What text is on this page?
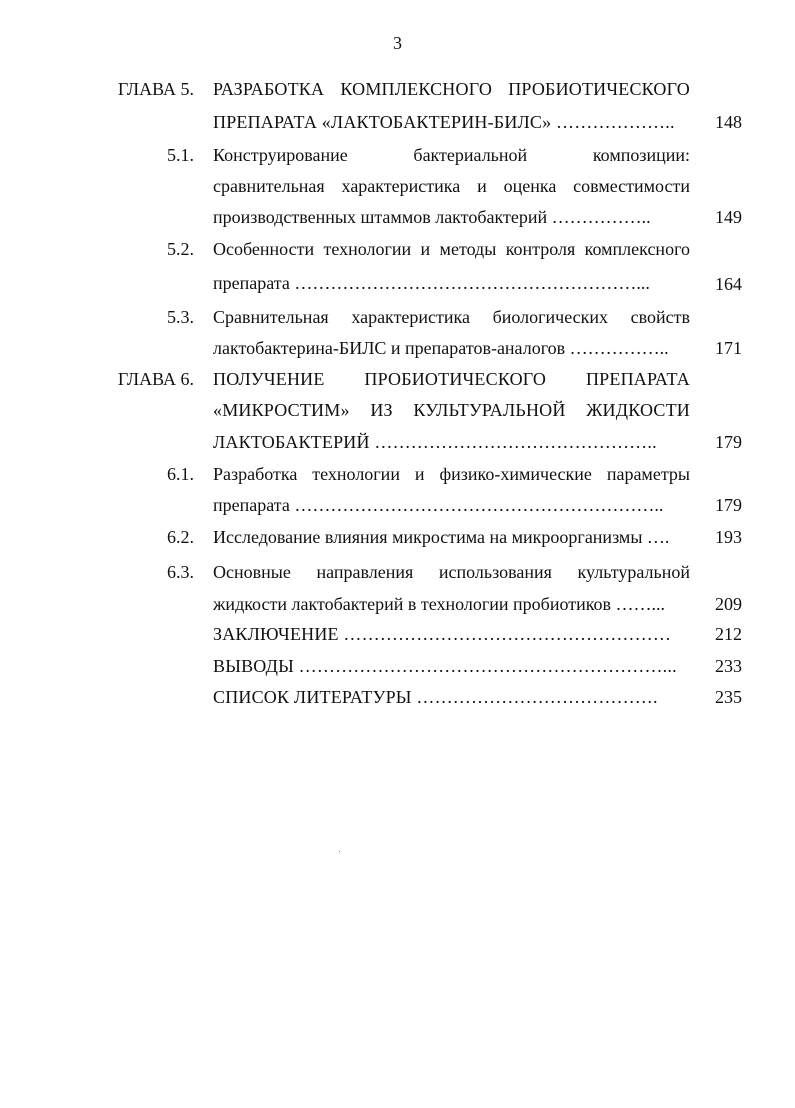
3
ГЛАВА 5. РАЗРАБОТКА КОМПЛЕКСНОГО ПРОБИОТИЧЕСКОГО
ПРЕПАРАТА «ЛАКТОБАКТЕРИН-БИЛС» ………………..	148
5.1. Конструирование бактериальной композиции:
сравнительная характеристика и оценка совместимости
производственных штаммов лактобактерий ……………..	149
5.2. Особенности технологии и методы контроля комплексного
препарата …………………………………………………...	164
5.3. Сравнительная характеристика биологических свойств
лактобактерина-БИЛС и препаратов-аналогов ……………..	171
ГЛАВА 6. ПОЛУЧЕНИЕ ПРОБИОТИЧЕСКОГО ПРЕПАРАТА
«МИКРОСТИМ» ИЗ КУЛЬТУРАЛЬНОЙ ЖИДКОСТИ
ЛАКТОБАКТЕРИЙ ………………………………………..	179
6.1. Разработка технологии и физико-химические параметры
препарата ……………………………………………………..	179
6.2. Исследование влияния микростима на микроорганизмы ….	193
6.3. Основные направления использования культуральной
жидкости лактобактерий в технологии пробиотиков ……...	209
ЗАКЛЮЧЕНИЕ ………………………………………………	212
ВЫВОДЫ ……………………………………………………...	233
СПИСОК ЛИТЕРАТУРЫ ………………………………….	235
